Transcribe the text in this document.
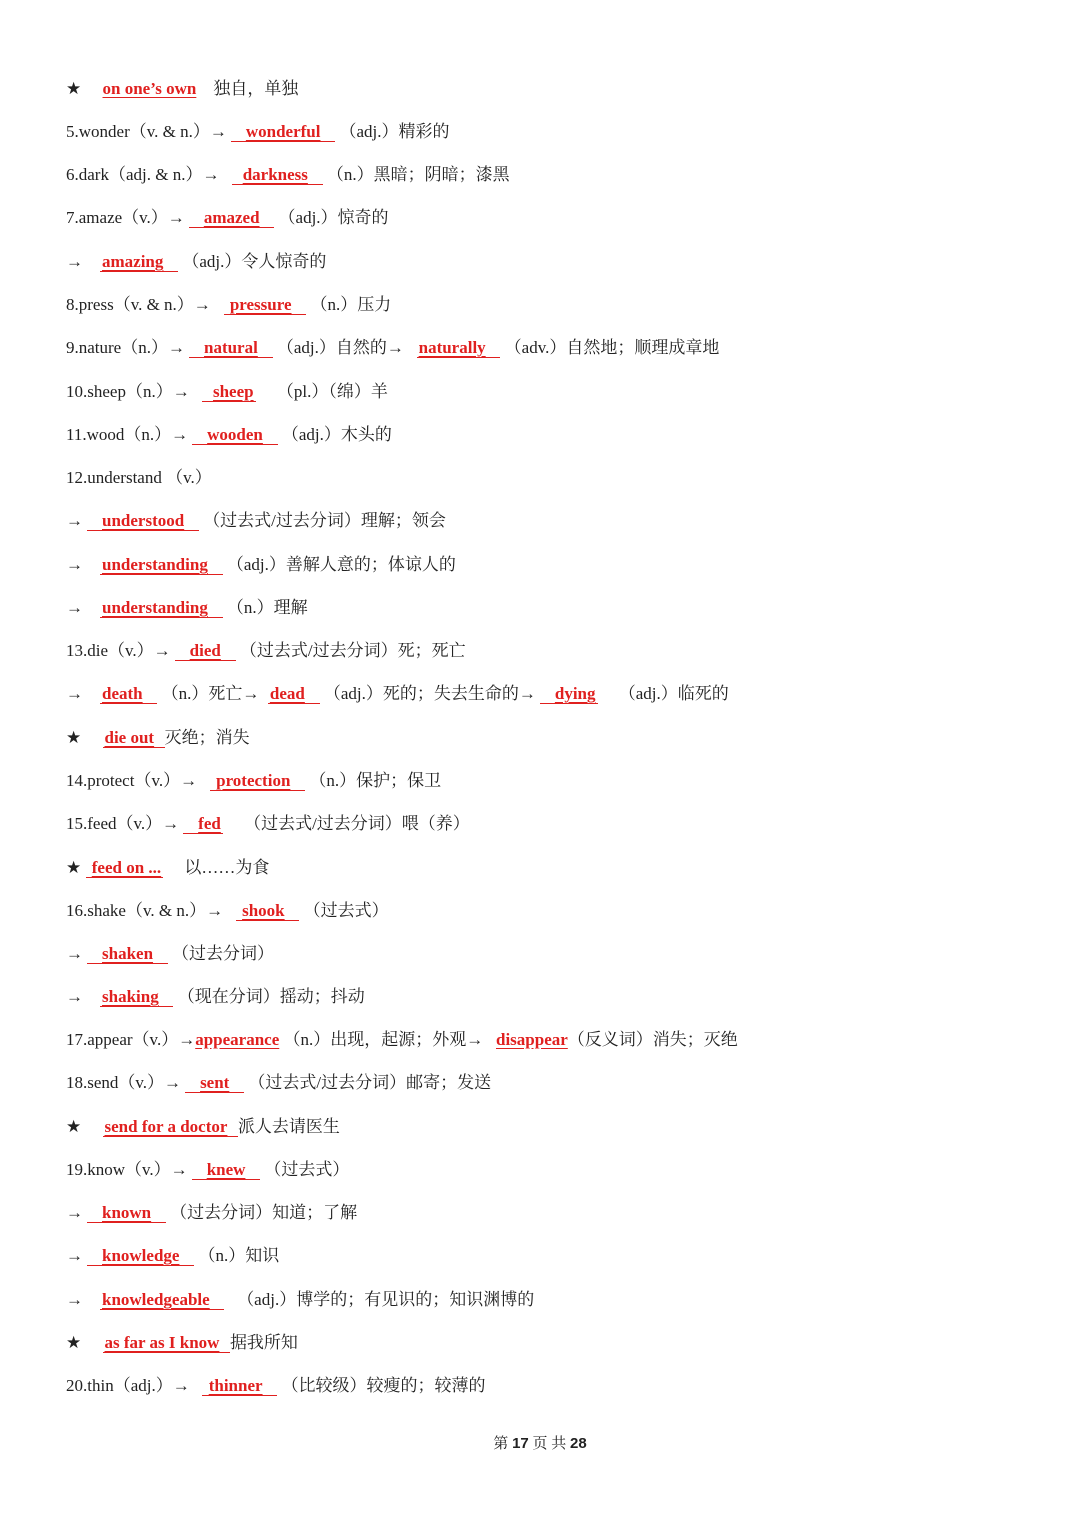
★ on one’s own 独自，单独
5.wonder（v. & n.）→ wonderful （adj.）精彩的
6.dark（adj. & n.）→ darkness （n.）黑暗；阴暗；漆黑
7.amaze（v.）→ amazed （adj.）惊奇的
→ amazing （adj.）令人惊奇的
8.press（v. & n.）→ pressure （n.）压力
9.nature（n.）→ natural （adj.）自然的→ naturally （adv.）自然地；顺理成章地
10.sheep（n.）→ sheep （pl.）（绵）羊
11.wood（n.）→ wooden （adj.）木头的
12.understand （v.）
→ understood （过去式/过去分词）理解；领会
→ understanding （adj.）善解人意的；体谅人的
→ understanding （n.）理解
13.die（v.）→ died （过去式/过去分词）死；死亡
→ death （n.）死亡→ dead （adj.）死的；失去生命的→ dying （adj.）临死的
★ die out 灭绝；消失
14.protect（v.）→ protection （n.）保护；保卫
15.feed（v.）→ fed （过去式/过去分词）喂（养）
★ feed on ... 以……为食
16.shake（v. & n.）→ shook （过去式）
→ shaken （过去分词）
→ shaking （现在分词）摇动；抖动
17.appear（v.）→appearance （n.）出现，起源；外观→ disappear（反义词）消失；灭绝
18.send（v.）→ sent （过去式/过去分词）邮寄；发送
★ send for a doctor 派人去请医生
19.know（v.）→ knew （过去式）
→ known （过去分词）知道；了解
→ knowledge （n.）知识
→ knowledgeable （adj.）博学的；有见识的；知识渊博的
★ as far as I know 据我所知
20.thin（adj.）→ thinner （比较级）较瘦的；较薄的
第 17 页 共 28
